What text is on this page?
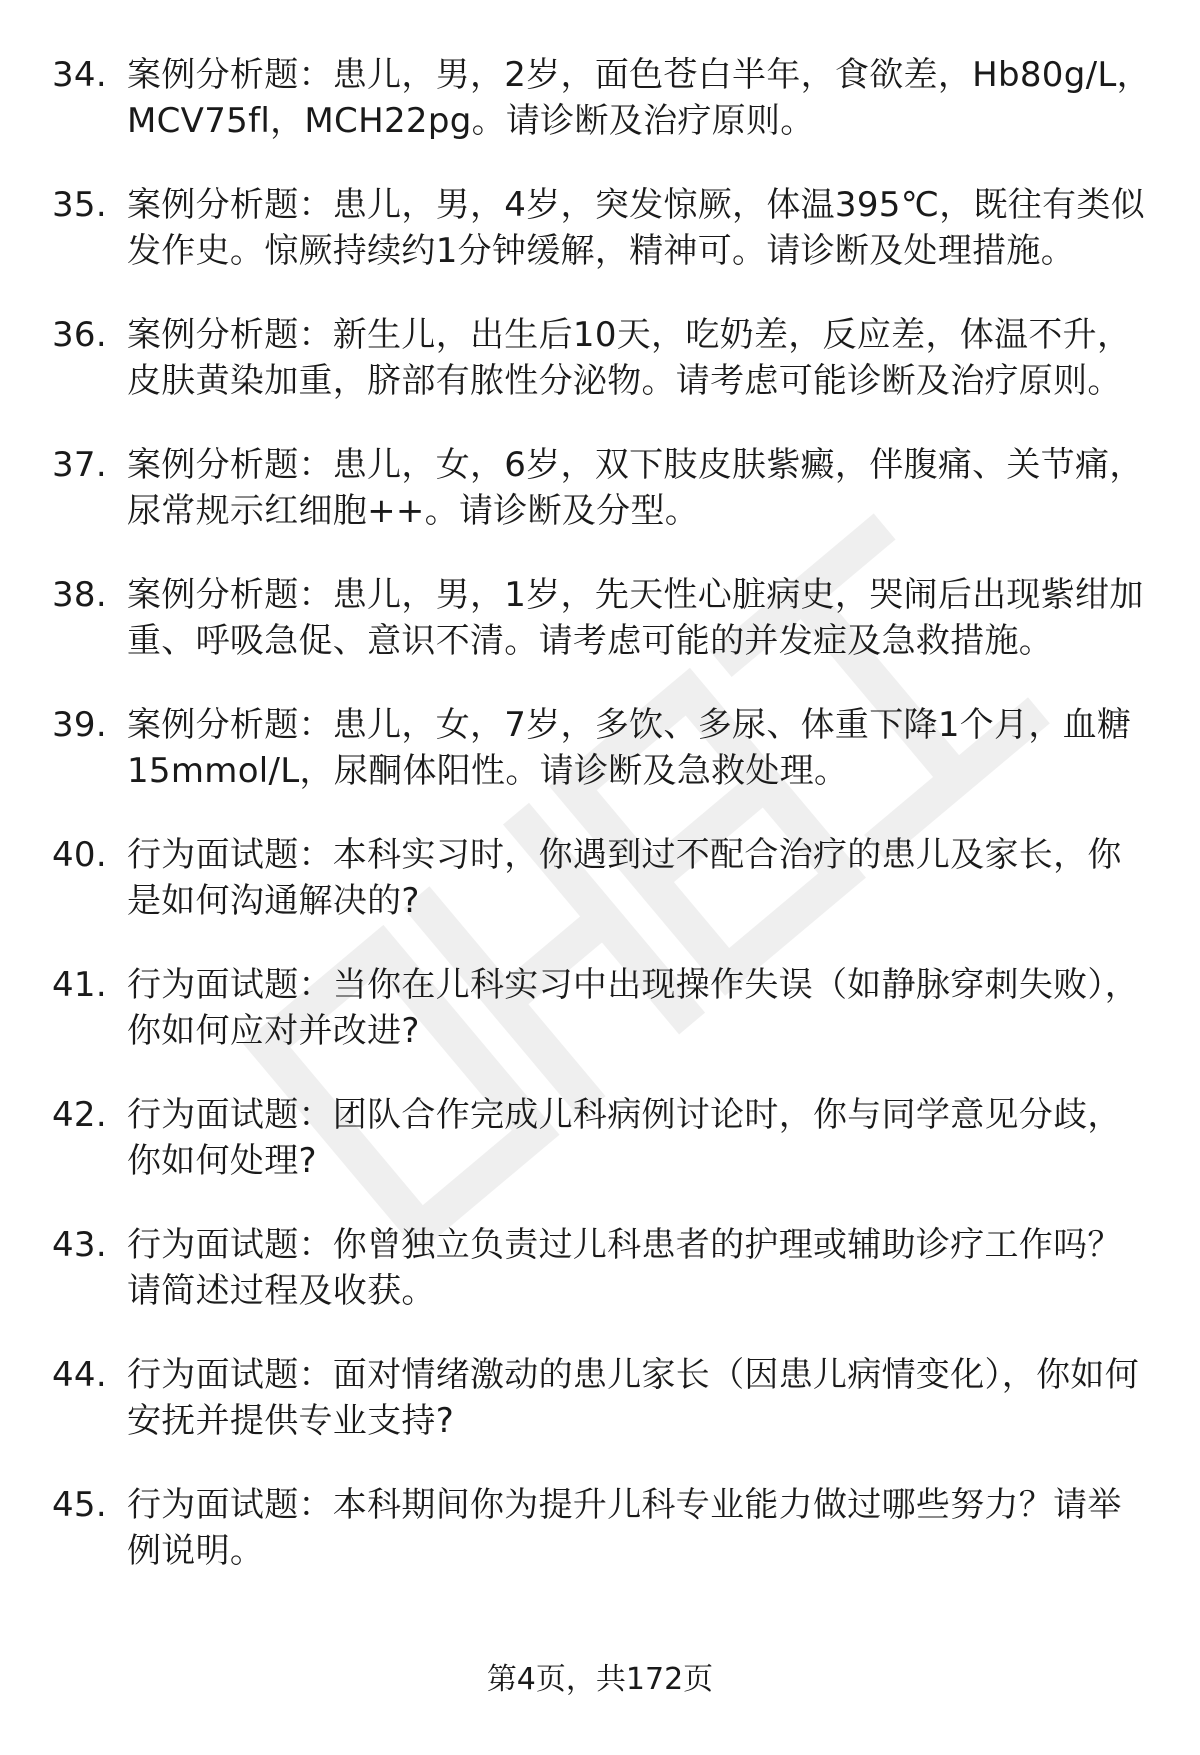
34. 案例分析题：患儿，男，2岁，面色苍白半年，食欲差，Hb80g/L，MCV75fl，MCH22pg。请诊断及治疗原则。
35. 案例分析题：患儿，男，4岁，突发惊厥，体温395℃，既往有类似发作史。惊厥持续约1分钟缓解，精神可。请诊断及处理措施。
36. 案例分析题：新生儿，出生后10天，吃奶差，反应差，体温不升，皮肤黄染加重，脐部有脓性分泌物。请考虑可能诊断及治疗原则。
37. 案例分析题：患儿，女，6岁，双下肢皮肤紫癜，伴腹痛、关节痛，尿常规示红细胞++。请诊断及分型。
38. 案例分析题：患儿，男，1岁，先天性心脏病史，哭闹后出现紫绀加重、呼吸急促、意识不清。请考虑可能的并发症及急救措施。
39. 案例分析题：患儿，女，7岁，多饮、多尿、体重下降1个月，血糖15mmol/L，尿酮体阳性。请诊断及急救处理。
40. 行为面试题：本科实习时，你遇到过不配合治疗的患儿及家长，你是如何沟通解决的?
41. 行为面试题：当你在儿科实习中出现操作失误（如静脉穿刺失败），你如何应对并改进?
42. 行为面试题：团队合作完成儿科病例讨论时，你与同学意见分歧，你如何处理?
43. 行为面试题：你曾独立负责过儿科患者的护理或辅助诊疗工作吗？请简述过程及收获。
44. 行为面试题：面对情绪激动的患儿家长（因患儿病情变化），你如何安抚并提供专业支持?
45. 行为面试题：本科期间你为提升儿科专业能力做过哪些努力？请举例说明。
第4页，共172页
